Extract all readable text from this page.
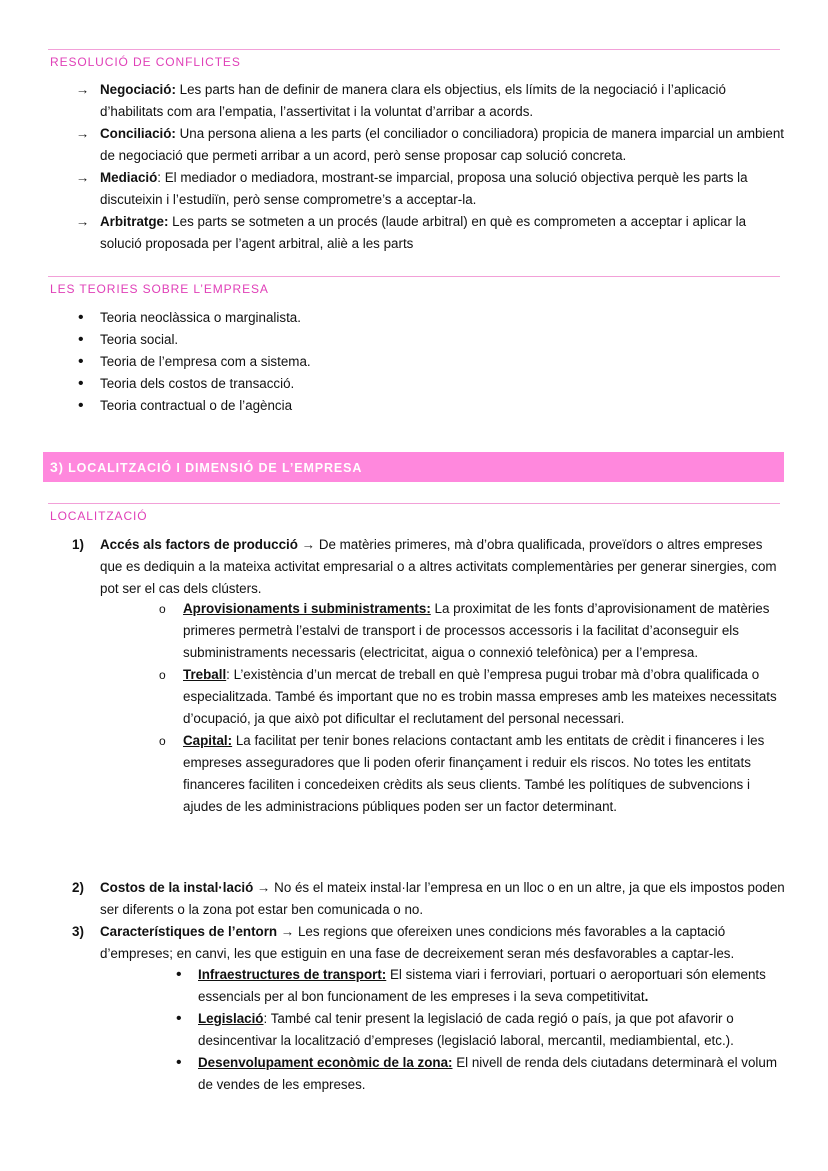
RESOLUCIÓ DE CONFLICTES
→ Negociació: Les parts han de definir de manera clara els objectius, els límits de la negociació i l’aplicació d’habilitats com ara l’empatia, l’assertivitat i la voluntat d’arribar a acords.
→ Conciliació: Una persona aliena a les parts (el conciliador o conciliadora) propicia de manera imparcial un ambient de negociació que permeti arribar a un acord, però sense proposar cap solució concreta.
→ Mediació: El mediador o mediadora, mostrant-se imparcial, proposa una solució objectiva perquè les parts la discuteixin i l’estudiïn, però sense comprometre’s a acceptar-la.
→ Arbitratge: Les parts se sotmeten a un procés (laude arbitral) en què es comprometen a acceptar i aplicar la solució proposada per l’agent arbitral, aliè a les parts
LES TEORIES SOBRE L’EMPRESA
• Teoria neoclàssica o marginalista.
• Teoria social.
• Teoria de l’empresa com a sistema.
• Teoria dels costos de transacció.
• Teoria contractual o de l’agència
3) LOCALITZACIÓ I DIMENSIÓ DE L’EMPRESA
LOCALITZACIÓ
1) Accés als factors de producció → De matèries primeres, mà d’obra qualificada, proveïdors o altres empreses que es dediquin a la mateixa activitat empresarial o a altres activitats complementàries per generar sinergies, com pot ser el cas dels clústers.
o Aprovisionaments i subministraments: La proximitat de les fonts d’aprovisionament de matèries primeres permetrà l’estalvi de transport i de processos accessoris i la facilitat d’aconseguir els subministraments necessaris (electricitat, aigua o connexió telefònica) per a l’empresa.
o Treball: L’existència d’un mercat de treball en què l’empresa pugui trobar mà d’obra qualificada o especialitzada. També és important que no es trobin massa empreses amb les mateixes necessitats d’ocupació, ja que això pot dificultar el reclutament del personal necessari.
o Capital: La facilitat per tenir bones relacions contactant amb les entitats de crèdit i financeres i les empreses asseguradores que li poden oferir finançament i reduir els riscos. No totes les entitats financeres faciliten i concedeixen crèdits als seus clients. També les polítiques de subvencions i ajudes de les administracions públiques poden ser un factor determinant.
2) Costos de la instal·lació → No és el mateix instal·lar l’empresa en un lloc o en un altre, ja que els impostos poden ser diferents o la zona pot estar ben comunicada o no.
3) Característiques de l’entorn → Les regions que ofereixen unes condicions més favorables a la captació d’empreses; en canvi, les que estiguin en una fase de decreixement seran més desfavorables a captar-les.
• Infraestructures de transport: El sistema viari i ferroviari, portuari o aeroportuari són elements essencials per al bon funcionament de les empreses i la seva competitivitat.
• Legislació: També cal tenir present la legislació de cada regió o país, ja que pot afavorir o desincentivar la localització d’empreses (legislació laboral, mercantil, mediambiental, etc.).
• Desenvolupament econòmic de la zona: El nivell de renda dels ciutadans determinarà el volum de vendes de les empreses.
